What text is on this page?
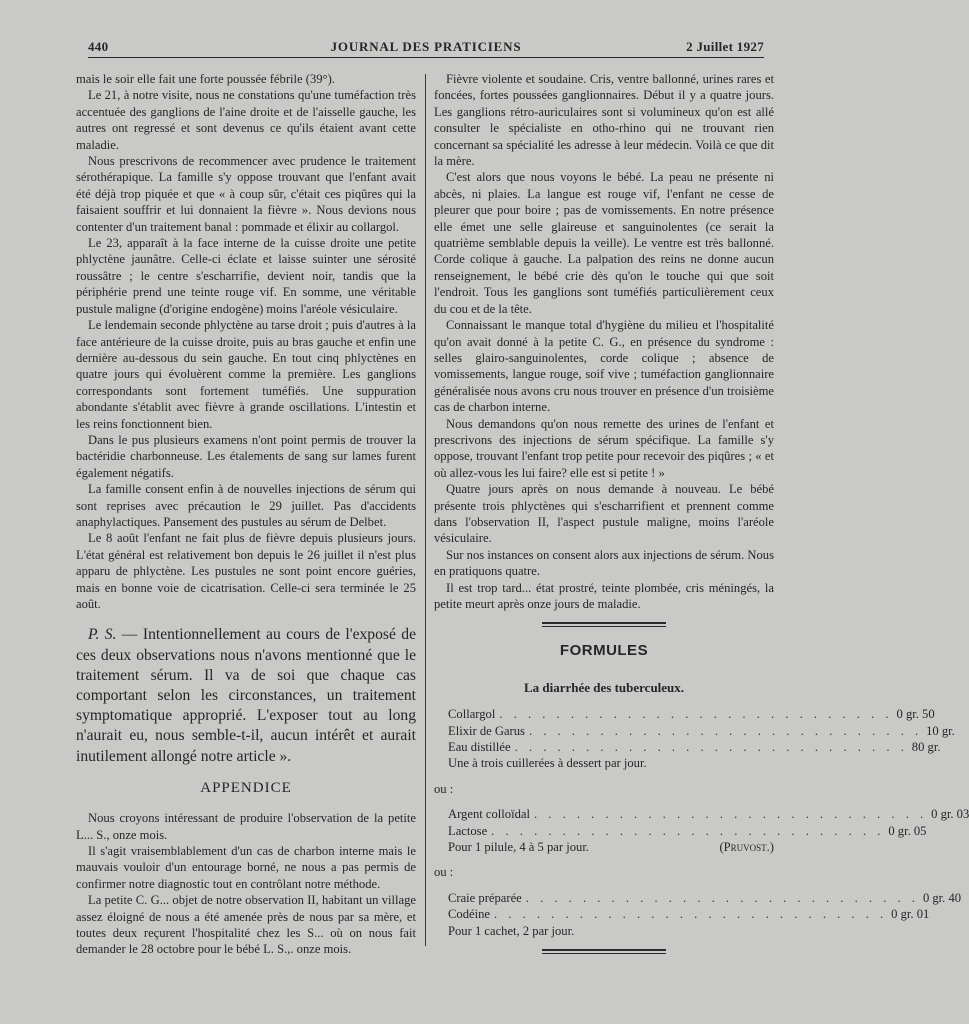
440	JOURNAL DES PRATICIENS	2 Juillet 1927

mais le soir elle fait une forte poussée fébrile (39°).

Le 21, à notre visite, nous ne constations qu'une tuméfaction très accentuée des ganglions de l'aine droite et de l'aisselle gauche, les autres ont regressé et sont devenus ce qu'ils étaient avant cette maladie.

Nous prescrivons de recommencer avec prudence le traitement sérothérapique. La famille s'y oppose trouvant que l'enfant avait été déjà trop piquée et que « à coup sûr, c'était ces piqûres qui la faisaient souffrir et lui donnaient la fièvre ». Nous devions nous contenter d'un traitement banal : pommade et élixir au collargol.

Le 23, apparaît à la face interne de la cuisse droite une petite phlyctène jaunâtre. Celle-ci éclate et laisse suinter une sérosité roussâtre ; le centre s'escharrifie, devient noir, tandis que la périphérie prend une teinte rouge vif. En somme, une véritable pustule maligne (d'origine endogène) moins l'aréole vésiculaire.

Le lendemain seconde phlyctène au tarse droit ; puis d'autres à la face antérieure de la cuisse droite, puis au bras gauche et enfin une dernière au-dessous du sein gauche. En tout cinq phlyctènes en quatre jours qui évoluèrent comme la première. Les ganglions correspondants sont fortement tuméfiés. Une suppuration abondante s'établit avec fièvre à grande oscillations. L'intestin et les reins fonctionnent bien.

Dans le pus plusieurs examens n'ont point permis de trouver la bactéridie charbonneuse. Les étalements de sang sur lames furent également négatifs.

La famille consent enfin à de nouvelles injections de sérum qui sont reprises avec précaution le 29 juillet. Pas d'accidents anaphylactiques. Pansement des pustules au sérum de Delbet.

Le 8 août l'enfant ne fait plus de fièvre depuis plusieurs jours. L'état général est relativement bon depuis le 26 juillet il n'est plus apparu de phlyctène. Les pustules ne sont point encore guéries, mais en bonne voie de cicatrisation. Celle-ci sera terminée le 25 août.

P. S. — Intentionnellement au cours de l'exposé de ces deux observations nous n'avons mentionné que le traitement sérum. Il va de soi que chaque cas comportant selon les circonstances, un traitement symptomatique approprié. L'exposer tout au long n'aurait eu, nous semble-t-il, aucun intérêt et aurait inutilement allongé notre article ».

APPENDICE

Nous croyons intéressant de produire l'observation de la petite L... S., onze mois.

Il s'agit vraisemblablement d'un cas de charbon interne mais le mauvais vouloir d'un entourage borné, ne nous a pas permis de confirmer notre diagnostic tout en contrôlant notre méthode.

La petite C. G... objet de notre observation II, habitant un village assez éloigné de nous a été amenée près de nous par sa mère, et toutes deux reçurent l'hospitalité chez les S... où on nous fait demander le 28 octobre pour le bébé L. S.,. onze mois.

Fièvre violente et soudaine. Cris, ventre ballonné, urines rares et foncées, fortes poussées ganglionnaires. Début il y a quatre jours. Les ganglions rétro-auriculaires sont si volumineux qu'on est allé consulter le spécialiste en otho-rhino qui ne trouvant rien concernant sa spécialité les adresse à leur médecin. Voilà ce que dit la mère.

C'est alors que nous voyons le bébé. La peau ne présente ni abcès, ni plaies. La langue est rouge vif, l'enfant ne cesse de pleurer que pour boire ; pas de vomissements. En notre présence elle émet une selle glaireuse et sanguinolentes (ce serait la quatrième semblable depuis la veille). Le ventre est très ballonné. Corde colique à gauche. La palpation des reins ne donne aucun renseignement, le bébé crie dès qu'on le touche qui que soit l'endroit. Tous les ganglions sont tuméfiés particulièrement ceux du cou et de la tête.

Connaissant le manque total d'hygiène du milieu et l'hospitalité qu'on avait donné à la petite C. G., en présence du syndrome : selles glairo-sanguinolentes, corde colique ; absence de vomissements, langue rouge, soif vive ; tuméfaction ganglionnaire généralisée nous avons cru nous trouver en présence d'un troisième cas de charbon interne.

Nous demandons qu'on nous remette des urines de l'enfant et prescrivons des injections de sérum spécifique. La famille s'y oppose, trouvant l'enfant trop petite pour recevoir des piqûres ; « et où allez-vous les lui faire? elle est si petite ! »

Quatre jours après on nous demande à nouveau. Le bébé présente trois phlyctènes qui s'escharrifient et prennent comme dans l'observation II, l'aspect pustule maligne, moins l'aréole vésiculaire.

Sur nos instances on consent alors aux injections de sérum. Nous en pratiquons quatre.

Il est trop tard... état prostré, teinte plombée, cris méningés, la petite meurt après onze jours de maladie.

FORMULES
La diarrhée des tuberculeux.
Collargol . . . . . . . . . . . . . . . . . . . . . . . . . . . . 0 gr. 50
Elixir de Garus . . . . . . . . . . . . . . . . . . . . . . . . . . . . 10 gr.
Eau distillée . . . . . . . . . . . . . . . . . . . . . . . . . . . . 80 gr.
Une à trois cuillerées à dessert par jour.
ou :
Argent colloïdal . . . . . . . . . . . . . . . . . . . . . . . . . . . . 0 gr. 03
Lactose . . . . . . . . . . . . . . . . . . . . . . . . . . . . 0 gr. 05
Pour 1 pilule, 4 à 5 par jour.	(Pruvost.)
ou :
Craie préparée . . . . . . . . . . . . . . . . . . . . . . . . . . . . 0 gr. 40
Codéine . . . . . . . . . . . . . . . . . . . . . . . . . . . . 0 gr. 01
Pour 1 cachet, 2 par jour.
